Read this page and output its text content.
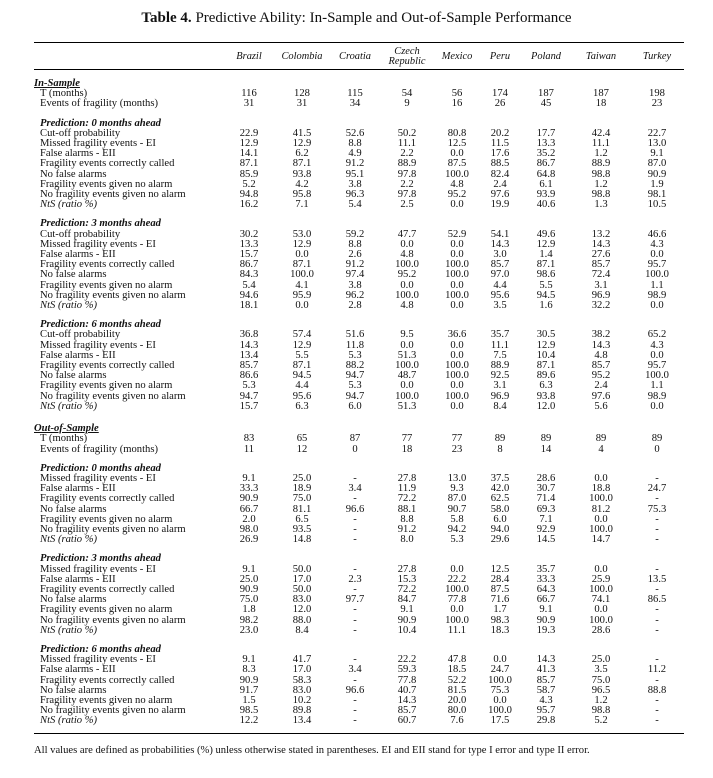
Table 4. Predictive Ability: In-Sample and Out-of-Sample Performance
	Brazil	Colombia	Croatia	Czech Republic	Mexico	Peru	Poland	Taiwan	Turkey

In-Sample									
T (months)	116	128	115	54	56	174	187	187	198
Events of fragility (months)	31	31	34	9	16	26	45	18	23

Prediction: 0 months ahead									
Cut-off probability	22.9	41.5	52.6	50.2	80.8	20.2	17.7	42.4	22.7
Missed fragility events - EI	12.9	12.9	8.8	11.1	12.5	11.5	13.3	11.1	13.0
False alarms - EII	14.1	6.2	4.9	2.2	0.0	17.6	35.2	1.2	9.1
Fragility events correctly called	87.1	87.1	91.2	88.9	87.5	88.5	86.7	88.9	87.0
No false alarms	85.9	93.8	95.1	97.8	100.0	82.4	64.8	98.8	90.9
Fragility events given no alarm	5.2	4.2	3.8	2.2	4.8	2.4	6.1	1.2	1.9
No fragility events given no alarm	94.8	95.8	96.3	97.8	95.2	97.6	93.9	98.8	98.1
NtS (ratio %)	16.2	7.1	5.4	2.5	0.0	19.9	40.6	1.3	10.5

Prediction: 3 months ahead									
Cut-off probability	30.2	53.0	59.2	47.7	52.9	54.1	49.6	13.2	46.6
Missed fragility events - EI	13.3	12.9	8.8	0.0	0.0	14.3	12.9	14.3	4.3
False alarms - EII	15.7	0.0	2.6	4.8	0.0	3.0	1.4	27.6	0.0
Fragility events correctly called	86.7	87.1	91.2	100.0	100.0	85.7	87.1	85.7	95.7
No false alarms	84.3	100.0	97.4	95.2	100.0	97.0	98.6	72.4	100.0
Fragility events given no alarm	5.4	4.1	3.8	0.0	0.0	4.4	5.5	3.1	1.1
No fragility events given no alarm	94.6	95.9	96.2	100.0	100.0	95.6	94.5	96.9	98.9
NtS (ratio %)	18.1	0.0	2.8	4.8	0.0	3.5	1.6	32.2	0.0

Prediction: 6 months ahead									
Cut-off probability	36.8	57.4	51.6	9.5	36.6	35.7	30.5	38.2	65.2
Missed fragility events - EI	14.3	12.9	11.8	0.0	0.0	11.1	12.9	14.3	4.3
False alarms - EII	13.4	5.5	5.3	51.3	0.0	7.5	10.4	4.8	0.0
Fragility events correctly called	85.7	87.1	88.2	100.0	100.0	88.9	87.1	85.7	95.7
No false alarms	86.6	94.5	94.7	48.7	100.0	92.5	89.6	95.2	100.0
Fragility events given no alarm	5.3	4.4	5.3	0.0	0.0	3.1	6.3	2.4	1.1
No fragility events given no alarm	94.7	95.6	94.7	100.0	100.0	96.9	93.8	97.6	98.9
NtS (ratio %)	15.7	6.3	6.0	51.3	0.0	8.4	12.0	5.6	0.0

Out-of-Sample									
T (months)	83	65	87	77	77	89	89	89	89
Events of fragility (months)	11	12	0	18	23	8	14	4	0

Prediction: 0 months ahead									
Missed fragility events - EI	9.1	25.0	-	27.8	13.0	37.5	28.6	0.0	-
False alarms - EII	33.3	18.9	3.4	11.9	9.3	42.0	30.7	18.8	24.7
Fragility events correctly called	90.9	75.0	-	72.2	87.0	62.5	71.4	100.0	-
No false alarms	66.7	81.1	96.6	88.1	90.7	58.0	69.3	81.2	75.3
Fragility events given no alarm	2.0	6.5	-	8.8	5.8	6.0	7.1	0.0	-
No fragility events given no alarm	98.0	93.5	-	91.2	94.2	94.0	92.9	100.0	-
NtS (ratio %)	26.9	14.8	-	8.0	5.3	29.6	14.5	14.7	-

Prediction: 3 months ahead									
Missed fragility events - EI	9.1	50.0	-	27.8	0.0	12.5	35.7	0.0	-
False alarms - EII	25.0	17.0	2.3	15.3	22.2	28.4	33.3	25.9	13.5
Fragility events correctly called	90.9	50.0	-	72.2	100.0	87.5	64.3	100.0	-
No false alarms	75.0	83.0	97.7	84.7	77.8	71.6	66.7	74.1	86.5
Fragility events given no alarm	1.8	12.0	-	9.1	0.0	1.7	9.1	0.0	-
No fragility events given no alarm	98.2	88.0	-	90.9	100.0	98.3	90.9	100.0	-
NtS (ratio %)	23.0	8.4	-	10.4	11.1	18.3	19.3	28.6	-

Prediction: 6 months ahead									
Missed fragility events - EI	9.1	41.7	-	22.2	47.8	0.0	14.3	25.0	-
False alarms - EII	8.3	17.0	3.4	59.3	18.5	24.7	41.3	3.5	11.2
Fragility events correctly called	90.9	58.3	-	77.8	52.2	100.0	85.7	75.0	-
No false alarms	91.7	83.0	96.6	40.7	81.5	75.3	58.7	96.5	88.8
Fragility events given no alarm	1.5	10.2	-	14.3	20.0	0.0	4.3	1.2	-
No fragility events given no alarm	98.5	89.8	-	85.7	80.0	100.0	95.7	98.8	-
NtS (ratio %)	12.2	13.4	-	60.7	7.6	17.5	29.8	5.2	-
All values are defined as probabilities (%) unless otherwise stated in parentheses. EI and EII stand for type I error and type II error.
